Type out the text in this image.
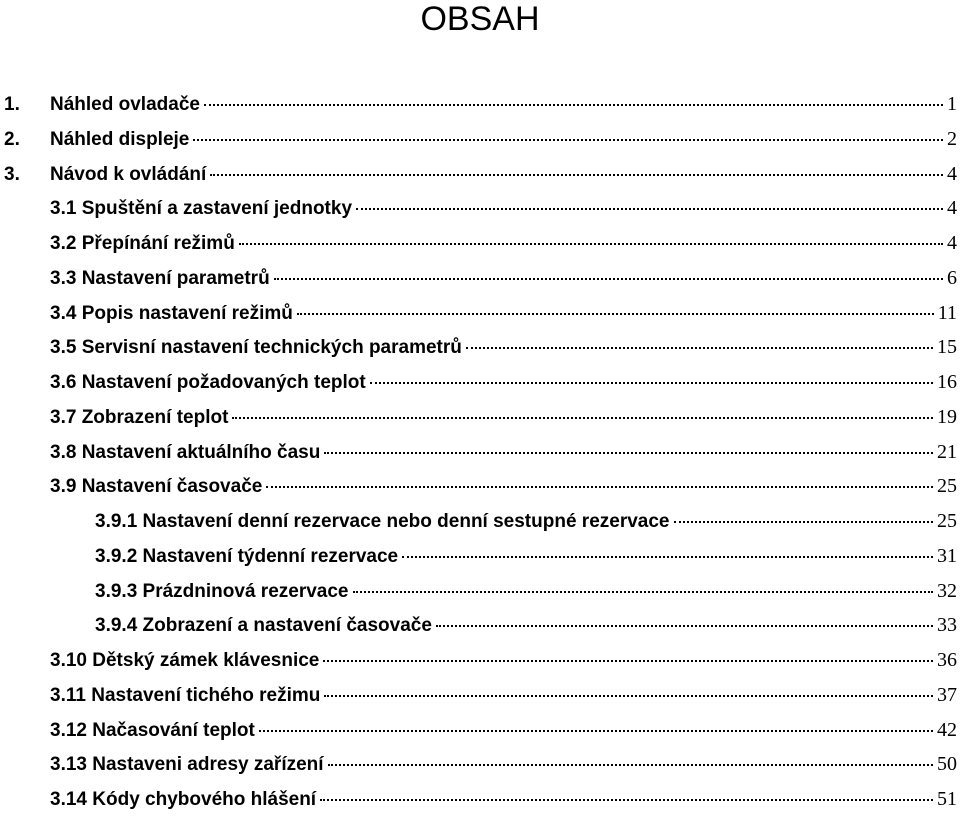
OBSAH
1.	Náhled ovladače	1
2.	Náhled displeje	2
3.	Návod k ovládání	4
3.1 Spuštění a zastavení jednotky	4
3.2 Přepínání režimů	4
3.3 Nastavení parametrů	6
3.4 Popis nastavení režimů	11
3.5 Servisní nastavení technických parametrů	15
3.6 Nastavení požadovaných teplot	16
3.7 Zobrazení teplot	19
3.8 Nastavení aktuálního času	21
3.9 Nastavení časovače	25
3.9.1 Nastavení denní rezervace nebo denní sestupné rezervace	25
3.9.2 Nastavení týdenní rezervace	31
3.9.3 Prázdninová rezervace	32
3.9.4 Zobrazení a nastavení časovače	33
3.10 Dětský zámek klávesnice	36
3.11 Nastavení tichého režimu	37
3.12 Načasování teplot	42
3.13 Nastaveni adresy zařízení	50
3.14 Kódy chybového hlášení	51
